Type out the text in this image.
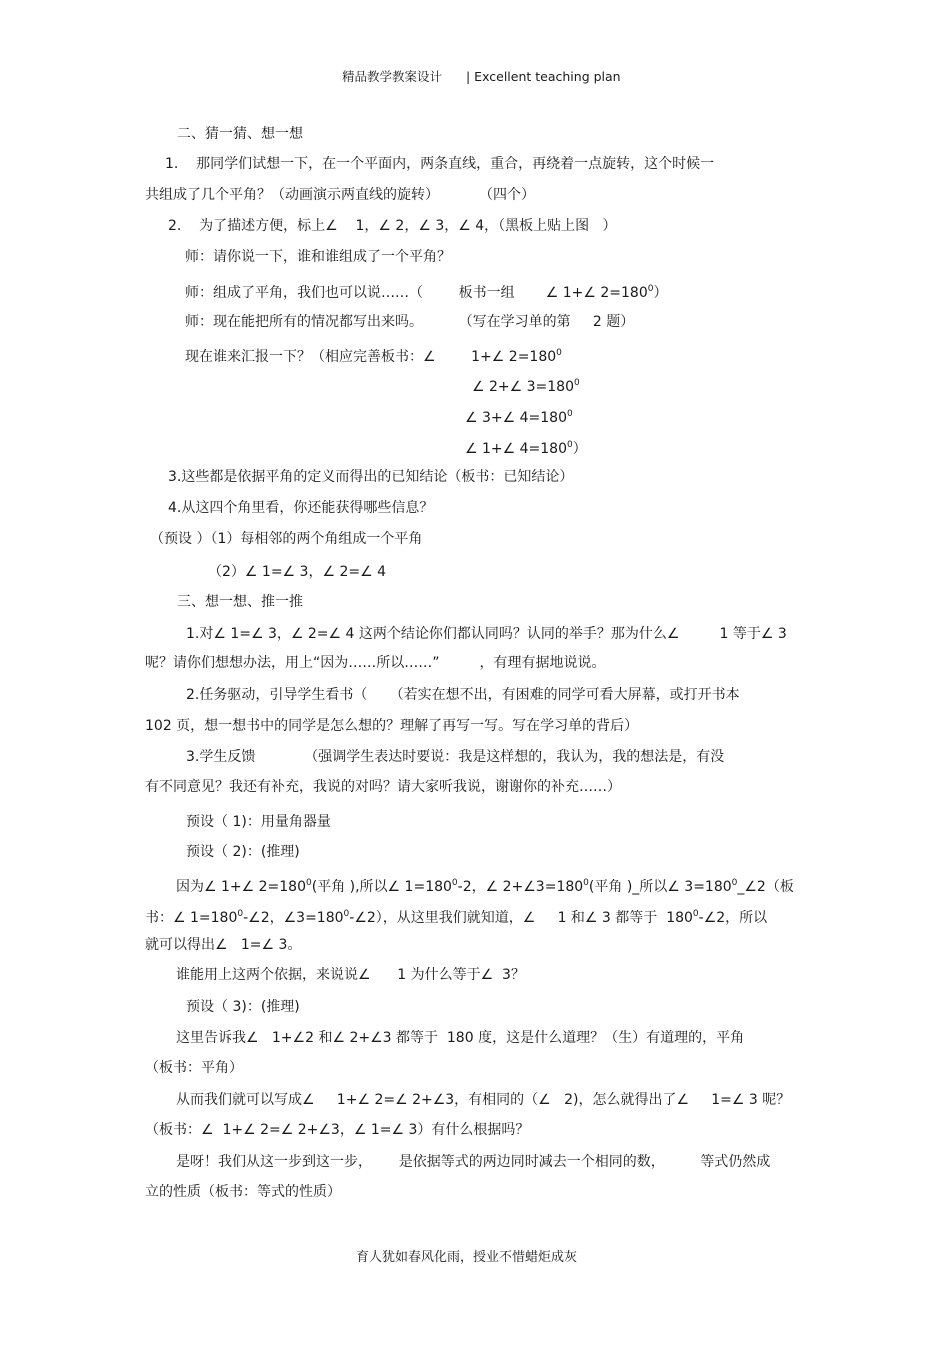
精品教学教案设计 | Excellent teaching plan
二、猜一猜、想一想
1.    那同学们试想一下，在一个平面内，两条直线，重合，再绕着一点旋转，这个时候一
共组成了几个平角？（动画演示两直线的旋转）         （四个）
2.    为了描述方便，标上∠    1，∠ 2，∠ 3，∠ 4，（黑板上贴上图   ）
师：请你说一下，谁和谁组成了一个平角？
师：组成了平角，我们也可以说……（        板书一组       ∠ 1+∠ $2=180^0$）
师：现在能把所有的情况都写出来吗。        （写在学习单的第     2 题）
现在谁来汇报一下？（相应完善板书：∠        1+∠ $2=180^0$
∠ 2+∠ $3=180^0$
∠ 3+∠ $4=180^0$
∠ 1+∠ $4=180^0$）
3.这些都是依据平角的定义而得出的已知结论（板书：已知结论）
4.从这四个角里看，你还能获得哪些信息？
（预设 ）（1）每相邻的两个角组成一个平角
（2）∠ 1=∠ 3，∠ 2=∠ 4
三、想一想、推一推
1.对∠ 1=∠ 3，∠ 2=∠ 4 这两个结论你们都认同吗？认同的举手？那为什么∠         1 等于∠ 3
呢？请你们想想办法，用上“因为……所以……”         ，有理有据地说说。
2.任务驱动，引导学生看书（     （若实在想不出，有困难的同学可看大屏幕，或打开书本
102 页，想一想书中的同学是怎么想的？理解了再写一写。写在学习单的背后）
3.学生反馈           （强调学生表达时要说：我是这样想的，我认为，我的想法是，有没
有不同意见？我还有补充，我说的对吗？请大家听我说，谢谢你的补充……）
预设（ 1)：用量角器量
预设（ 2)：(推理)
因为∠ 1+∠ $2=180^0$(平角 ),所以∠ $1=180^0-2$，∠ $2+\angle 3=180^0$(平角 )_所以∠ $3=180^0\_\angle 2$（板
书：∠ $1=180^0-\angle 2$，$\angle 3=180^0-\angle 2$），从这里我们就知道，∠     1 和∠ 3 都等于  $180^0-\angle 2$，所以
就可以得出∠   1=∠ 3。
谁能用上这两个依据，来说说∠      1 为什么等于∠  3？
预设（ 3)：(推理)
这里告诉我∠   1+∠2 和∠ 2+∠3 都等于  180 度，这是什么道理？（生）有道理的，平角
（板书：平角）
从而我们就可以写成∠     1+∠ 2=∠ 2+∠3，有相同的（∠   2)，怎么就得出了∠     1=∠ 3 呢？
（板书：∠  1+∠ 2=∠ 2+∠3，∠ 1=∠ 3）有什么根据吗？
是呀！我们从这一步到这一步，      是依据等式的两边同时减去一个相同的数，        等式仍然成
立的性质（板书：等式的性质）
育人犹如春风化雨，授业不惜蜡炬成灰
